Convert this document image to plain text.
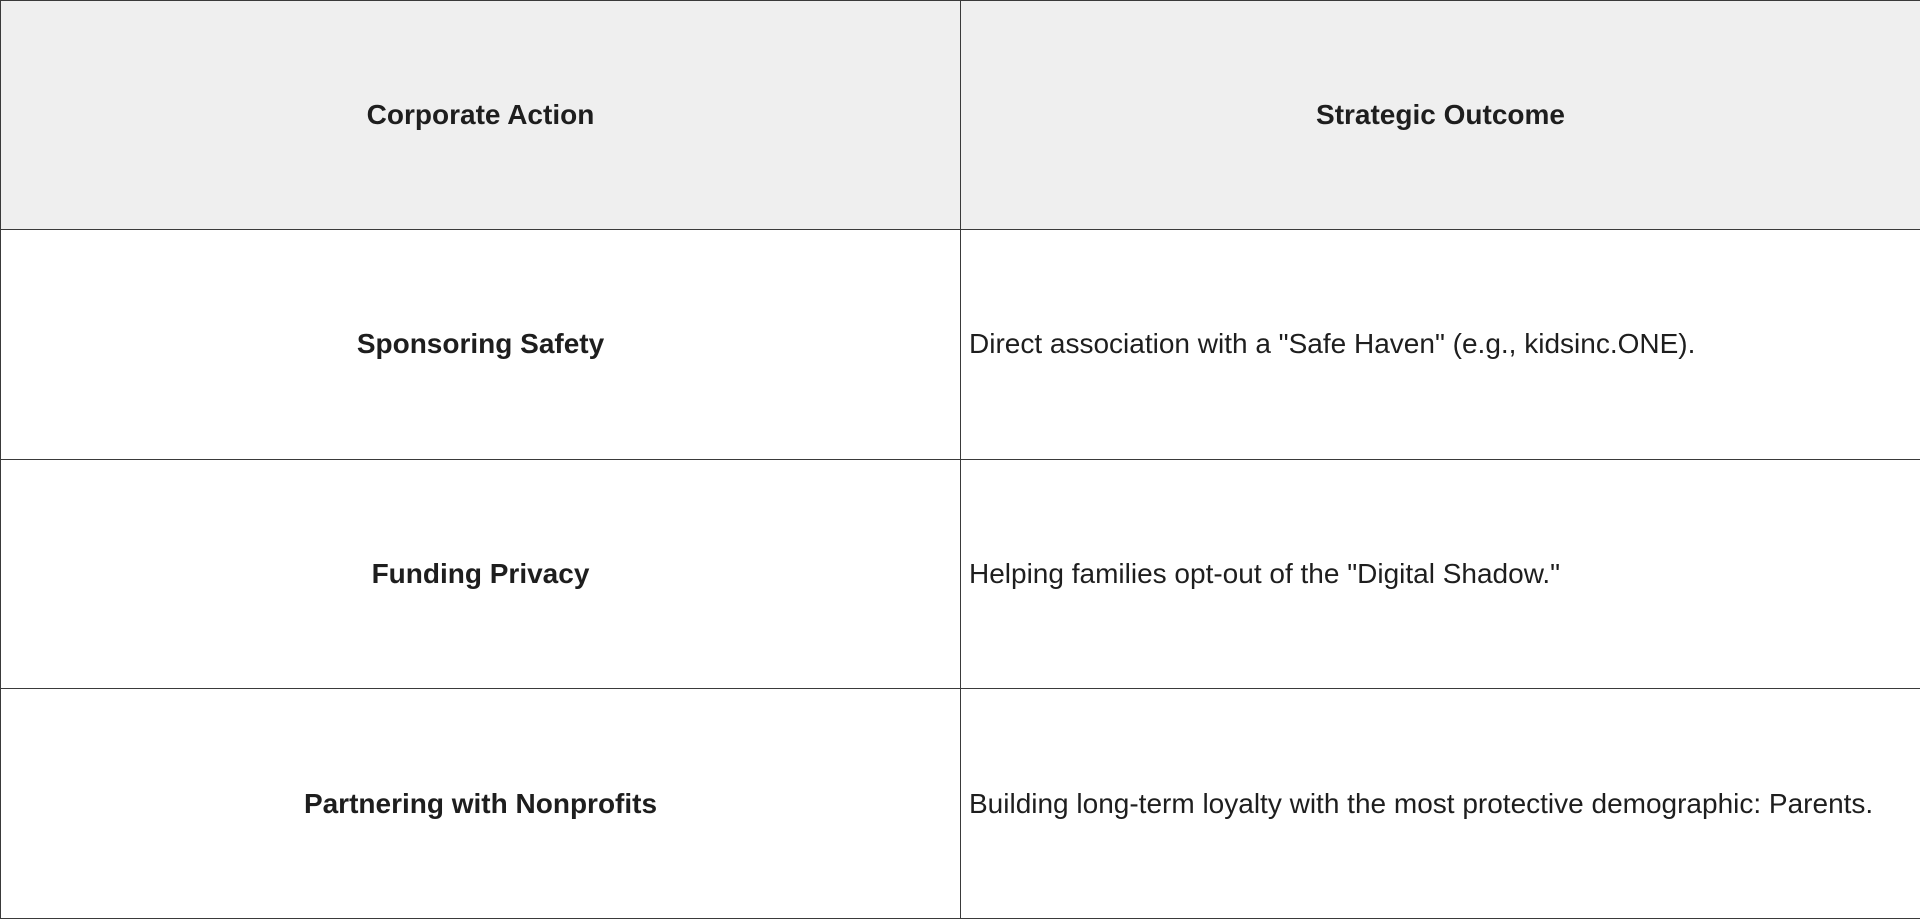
Corporate Action	Strategic Outcome
Sponsoring Safety	Direct association with a "Safe Haven" (e.g., kidsinc.ONE).
Funding Privacy	Helping families opt-out of the "Digital Shadow."
Partnering with Nonprofits	Building long-term loyalty with the most protective demographic: Parents.
